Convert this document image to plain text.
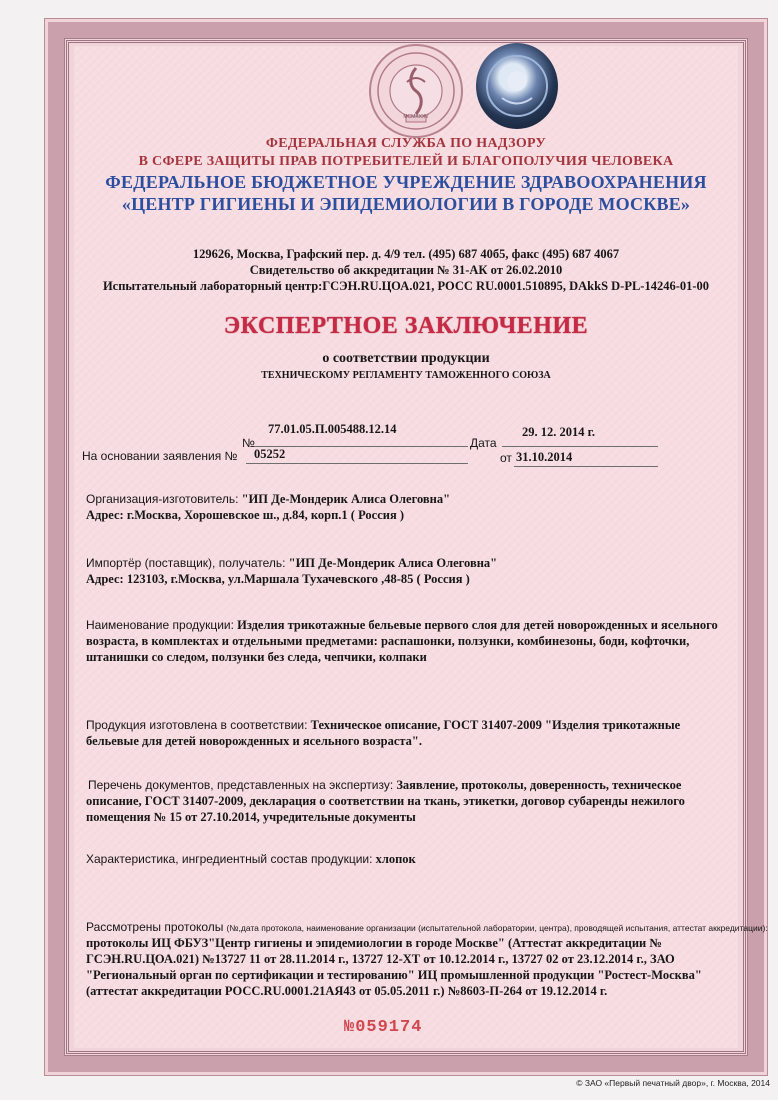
MCMXXXV
ФЕДЕРАЛЬНАЯ СЛУЖБА ПО НАДЗОРУ
В СФЕРЕ ЗАЩИТЫ ПРАВ ПОТРЕБИТЕЛЕЙ И БЛАГОПОЛУЧИЯ ЧЕЛОВЕКА
ФЕДЕРАЛЬНОЕ БЮДЖЕТНОЕ УЧРЕЖДЕНИЕ ЗДРАВООХРАНЕНИЯ
«ЦЕНТР ГИГИЕНЫ И ЭПИДЕМИОЛОГИИ В ГОРОДЕ МОСКВЕ»
129626, Москва, Графский пер. д. 4/9 тел. (495) 687 40б5, факс (495) 687 4067
Свидетельство об аккредитации № 31-АК от 26.02.2010
Испытательный лабораторный центр:ГСЭН.RU.ЦОА.021, РОСС RU.0001.510895, DAkkS D-PL-14246-01-00
ЭКСПЕРТНОЕ ЗАКЛЮЧЕНИЕ
о соответствии продукции
ТЕХНИЧЕСКОМУ РЕГЛАМЕНТУ ТАМОЖЕННОГО СОЮЗА
77.01.05.П.005488.12.14
№
29. 12. 2014 г.
Дата
На основании заявления № 05252	от 31.10.2014
Организация-изготовитель: "ИП Де-Мондерик Алиса Олеговна"
Адрес: г.Москва, Хорошевское ш., д.84, корп.1 ( Россия )
Импортёр (поставщик), получатель: "ИП Де-Мондерик Алиса Олеговна"
Адрес: 123103, г.Москва, ул.Маршала Тухачевского ,48-85 ( Россия )
Наименование продукции: Изделия трикотажные бельевые первого слоя для детей новорожденных и ясельного
возраста, в комплектах и отдельными предметами: распашонки, ползунки, комбинезоны, боди, кофточки,
штанишки со следом, ползунки без следа, чепчики, колпаки
Продукция изготовлена в соответствии: Техническое описание, ГОСТ 31407-2009 "Изделия трикотажные
бельевые для детей новорожденных и ясельного возраста".
Перечень документов, представленных на экспертизу: Заявление, протоколы, доверенность, техническое
описание, ГОСТ 31407-2009, декларация о соответствии на ткань, этикетки, договор субаренды нежилого
помещения № 15 от 27.10.2014, учредительные документы
Характеристика, ингредиентный состав продукции: хлопок
Рассмотрены протоколы (№,дата протокола, наименование организации (испытательной лаборатории, центра), проводящей испытания, аттестат аккредитации):
протоколы ИЦ ФБУЗ"Центр гигиены и эпидемиологии в городе Москве" (Аттестат аккредитации №
ГСЭН.RU.ЦОА.021) №13727 11 от 28.11.2014 г., 13727 12-ХТ от 10.12.2014 г., 13727 02 от 23.12.2014 г., ЗАО
"Региональный орган по сертификации и тестированию" ИЦ промышленной продукции "Ростест-Москва"
(аттестат аккредитации РОСС.RU.0001.21АЯ43 от 05.05.2011 г.) №8603-П-264 от 19.12.2014 г.
№059174
© ЗАО «Первый печатный двор», г. Москва, 2014
